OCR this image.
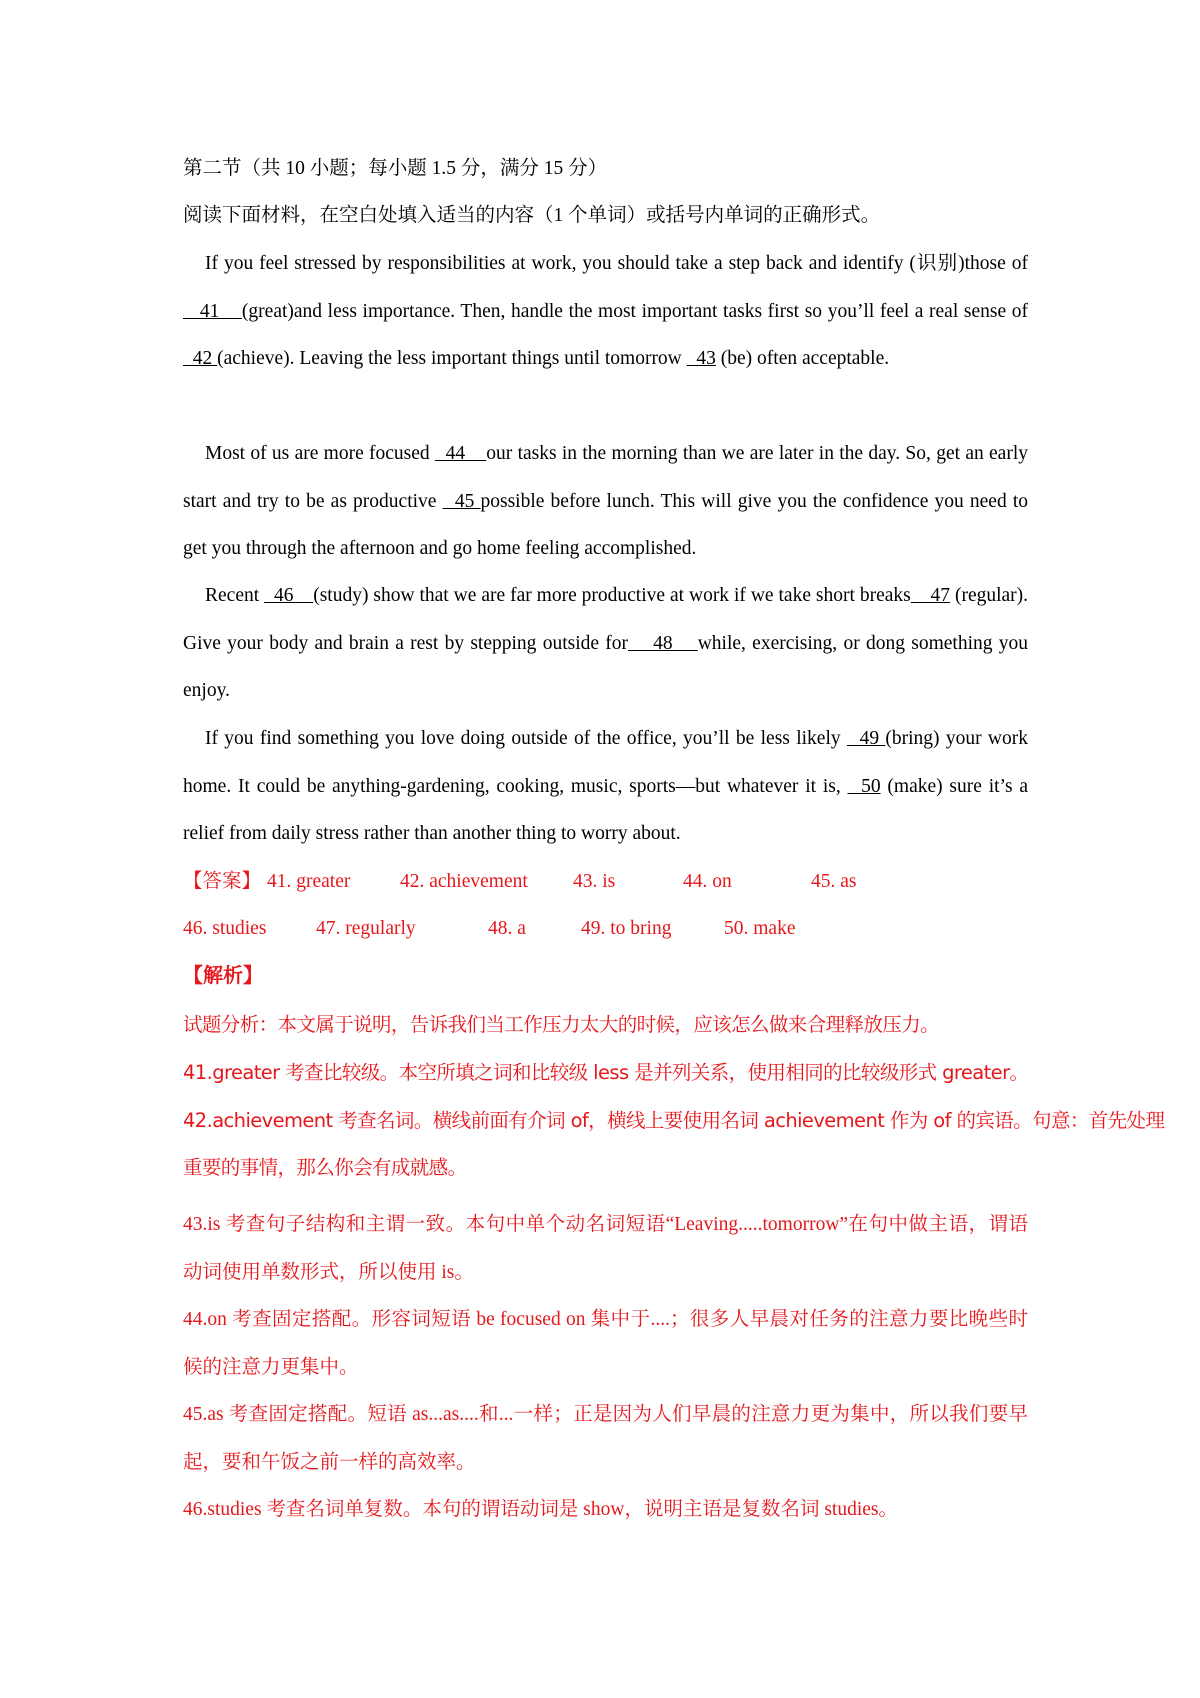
第二节（共 10 小题；每小题 1.5 分，满分 15 分）
阅读下面材料，在空白处填入适当的内容（1 个单词）或括号内单词的正确形式。
If you feel stressed by responsibilities at work, you should take a step back and identify (识别)those of    41    (great)and less importance. Then, handle the most important tasks first so you’ll feel a real sense of   42 (achieve). Leaving the less important things until tomorrow   43 (be) often acceptable.
Most of us are more focused   44    our tasks in the morning than we are later in the day. So, get an early start and try to be as productive   45 possible before lunch. This will give you the confidence you need to get you through the afternoon and go home feeling accomplished.
Recent   46    (study) show that we are far more productive at work if we take short breaks    47 (regular). Give your body and brain a rest by stepping outside for    48    while, exercising, or dong something you enjoy.
If you find something you love doing outside of the office, you’ll be less likely   49 (bring) your work home. It could be anything-gardening, cooking, music, sports—but whatever it is,   50 (make) sure it’s a relief from daily stress rather than another thing to worry about.
【答案】 41. greater	42. achievement 43. is	44. on	45. as
46. studies	47. regularly	48. a	49. to bring	50. make
【解析】
试题分析：本文属于说明，告诉我们当工作压力太大的时候，应该怎么做来合理释放压力。
41.greater 考查比较级。本空所填之词和比较级 less 是并列关系，使用相同的比较级形式 greater。
42.achievement 考查名词。横线前面有介词 of，横线上要使用名词 achievement 作为 of 的宾语。句意：首先处理重要的事情，那么你会有成就感。
43.is 考查句子结构和主谓一致。本句中单个动名词短语“Leaving.....tomorrow”在句中做主语，谓语动词使用单数形式，所以使用 is。
44.on 考查固定搭配。形容词短语 be focused on 集中于....；很多人早晨对任务的注意力要比晚些时候的注意力更集中。
45.as 考查固定搭配。短语 as...as....和...一样；正是因为人们早晨的注意力更为集中，所以我们要早起，要和午饭之前一样的高效率。
46.studies 考查名词单复数。本句的谓语动词是 show，说明主语是复数名词 studies。
